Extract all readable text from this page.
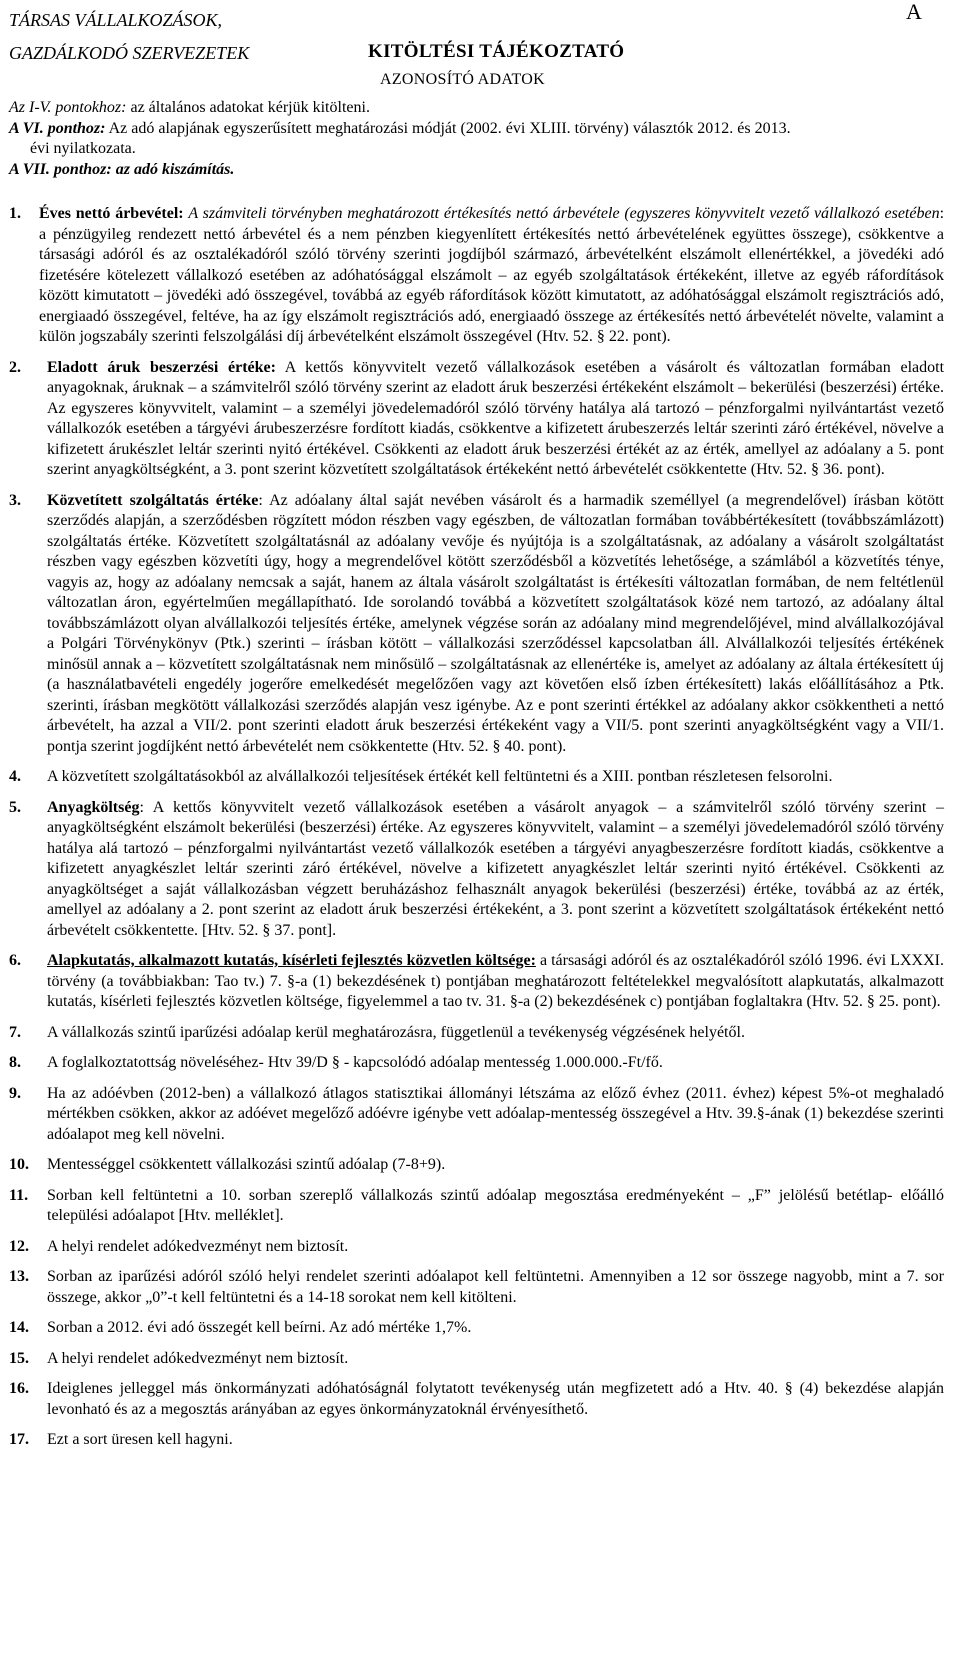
TÁRSAS VÁLLALKOZÁSOK,
GAZDÁLKODÓ SZERVEZETEK
A
KITÖLTÉSI TÁJÉKOZTATÓ
AZONOSÍTÓ ADATOK

Az I-V. pontokhoz: az általános adatokat kérjük kitölteni.

A VI. ponthoz: Az adó alapjának egyszerűsített meghatározási módját (2002. évi XLIII. törvény) választók 2012. és 2013.

évi nyilatkozata.

A VII. ponthoz: az adó kiszámítás.

1.	Éves nettó árbevétel: A számviteli törvényben meghatározott értékesítés nettó árbevétele (egyszeres könyvvitelt vezető vállalkozó esetében: a pénzügyileg rendezett nettó árbevétel és a nem pénzben kiegyenlített értékesítés nettó árbevételének együttes összege), csökkentve a társasági adóról és az osztalékadóról szóló törvény szerinti jogdíjból származó, árbevételként elszámolt ellenértékkel, a jövedéki adó fizetésére kötelezett vállalkozó esetében az adóhatósággal elszámolt – az egyéb szolgáltatások értékeként, illetve az egyéb ráfordítások között kimutatott – jövedéki adó összegével, továbbá az egyéb ráfordítások között kimutatott, az adóhatósággal elszámolt regisztrációs adó, energiaadó összegével, feltéve, ha az így elszámolt regisztrációs adó, energiaadó összege az értékesítés nettó árbevételét növelte, valamint a külön jogszabály szerinti felszolgálási díj árbevételként elszámolt összegével (Htv. 52. § 22. pont).
2.	Eladott áruk beszerzési értéke: A kettős könyvvitelt vezető vállalkozások esetében a vásárolt és változatlan formában eladott anyagoknak, áruknak – a számvitelről szóló törvény szerint az eladott áruk beszerzési értékeként elszámolt – bekerülési (beszerzési) értéke. Az egyszeres könyvvitelt, valamint – a személyi jövedelemadóról szóló törvény hatálya alá tartozó – pénzforgalmi nyilvántartást vezető vállalkozók esetében a tárgyévi árubeszerzésre fordított kiadás, csökkentve a kifizetett árubeszerzés leltár szerinti záró értékével, növelve a kifizetett árukészlet leltár szerinti nyitó értékével. Csökkenti az eladott áruk beszerzési értékét az az érték, amellyel az adóalany a 5. pont szerint anyagköltségként, a 3. pont szerint közvetített szolgáltatások értékeként nettó árbevételét csökkentette (Htv. 52. § 36. pont).
3.	Közvetített szolgáltatás értéke: Az adóalany által saját nevében vásárolt és a harmadik személlyel (a megrendelővel) írásban kötött szerződés alapján, a szerződésben rögzített módon részben vagy egészben, de változatlan formában továbbértékesített (továbbszámlázott) szolgáltatás értéke. Közvetített szolgáltatásnál az adóalany vevője és nyújtója is a szolgáltatásnak, az adóalany a vásárolt szolgáltatást részben vagy egészben közvetíti úgy, hogy a megrendelővel kötött szerződésből a közvetítés lehetősége, a számlából a közvetítés ténye, vagyis az, hogy az adóalany nemcsak a saját, hanem az általa vásárolt szolgáltatást is értékesíti változatlan formában, de nem feltétlenül változatlan áron, egyértelműen megállapítható. Ide sorolandó továbbá a közvetített szolgáltatások közé nem tartozó, az adóalany által továbbszámlázott olyan alvállalkozói teljesítés értéke, amelynek végzése során az adóalany mind megrendelőjével, mind alvállalkozójával a Polgári Törvénykönyv (Ptk.) szerinti – írásban kötött – vállalkozási szerződéssel kapcsolatban áll. Alvállalkozói teljesítés értékének minősül annak a – közvetített szolgáltatásnak nem minősülő – szolgáltatásnak az ellenértéke is, amelyet az adóalany az általa értékesített új (a használatbavételi engedély jogerőre emelkedését megelőzően vagy azt követően első ízben értékesített) lakás előállításához a Ptk. szerinti, írásban megkötött vállalkozási szerződés alapján vesz igénybe. Az e pont szerinti értékkel az adóalany akkor csökkentheti a nettó árbevételt, ha azzal a VII/2. pont szerinti eladott áruk beszerzési értékeként vagy a VII/5. pont szerinti anyagköltségként vagy a VII/1. pontja szerint jogdíjként nettó árbevételét nem csökkentette (Htv. 52. § 40. pont).
4.	A közvetített szolgáltatásokból az alvállalkozói teljesítések értékét kell feltüntetni és a XIII. pontban részletesen felsorolni.
5.	Anyagköltség: A kettős könyvvitelt vezető vállalkozások esetében a vásárolt anyagok – a számvitelről szóló törvény szerint – anyagköltségként elszámolt bekerülési (beszerzési) értéke. Az egyszeres könyvvitelt, valamint – a személyi jövedelemadóról szóló törvény hatálya alá tartozó – pénzforgalmi nyilvántartást vezető vállalkozók esetében a tárgyévi anyagbeszerzésre fordított kiadás, csökkentve a kifizetett anyagkészlet leltár szerinti záró értékével, növelve a kifizetett anyagkészlet leltár szerinti nyitó értékével. Csökkenti az anyagköltséget a saját vállalkozásban végzett beruházáshoz felhasznált anyagok bekerülési (beszerzési) értéke, továbbá az az érték, amellyel az adóalany a 2. pont szerint az eladott áruk beszerzési értékeként, a 3. pont szerint a közvetített szolgáltatások értékeként nettó árbevételt csökkentette. [Htv. 52. § 37. pont].
6.	Alapkutatás, alkalmazott kutatás, kísérleti fejlesztés közvetlen költsége: a társasági adóról és az osztalékadóról szóló 1996. évi LXXXI. törvény (a továbbiakban: Tao tv.) 7. §-a (1) bekezdésének t) pontjában meghatározott feltételekkel megvalósított alapkutatás, alkalmazott kutatás, kísérleti fejlesztés közvetlen költsége, figyelemmel a tao tv. 31. §-a (2) bekezdésének c) pontjában foglaltakra (Htv. 52. § 25. pont).
7.	A vállalkozás szintű iparűzési adóalap kerül meghatározásra, függetlenül a tevékenység végzésének helyétől.
8.	A foglalkoztatottság növeléséhez- Htv 39/D § - kapcsolódó adóalap mentesség 1.000.000.-Ft/fő.
9.	Ha az adóévben (2012-ben) a vállalkozó átlagos statisztikai állományi létszáma az előző évhez (2011. évhez) képest 5%-ot meghaladó mértékben csökken, akkor az adóévet megelőző adóévre igénybe vett adóalap-mentesség összegével a Htv. 39.§-ának (1) bekezdése szerinti adóalapot meg kell növelni.
10.	Mentességgel csökkentett vállalkozási szintű adóalap (7-8+9).
11.	Sorban kell feltüntetni a 10. sorban szereplő vállalkozás szintű adóalap megosztása eredményeként – „F” jelölésű betétlap- előálló települési adóalapot [Htv. melléklet].
12.	A helyi rendelet adókedvezményt nem biztosít.
13.	Sorban az iparűzési adóról szóló helyi rendelet szerinti adóalapot kell feltüntetni. Amennyiben a 12 sor összege nagyobb, mint a 7. sor összege, akkor „0”-t kell feltüntetni és a 14-18 sorokat nem kell kitölteni.
14.	Sorban a 2012. évi adó összegét kell beírni. Az adó mértéke 1,7%.
15.	A helyi rendelet adókedvezményt nem biztosít.
16.	Ideiglenes jelleggel más önkormányzati adóhatóságnál folytatott tevékenység után megfizetett adó a Htv. 40. § (4) bekezdése alapján levonható és az a megosztás arányában az egyes önkormányzatoknál érvényesíthető.
17.	Ezt a sort üresen kell hagyni.
